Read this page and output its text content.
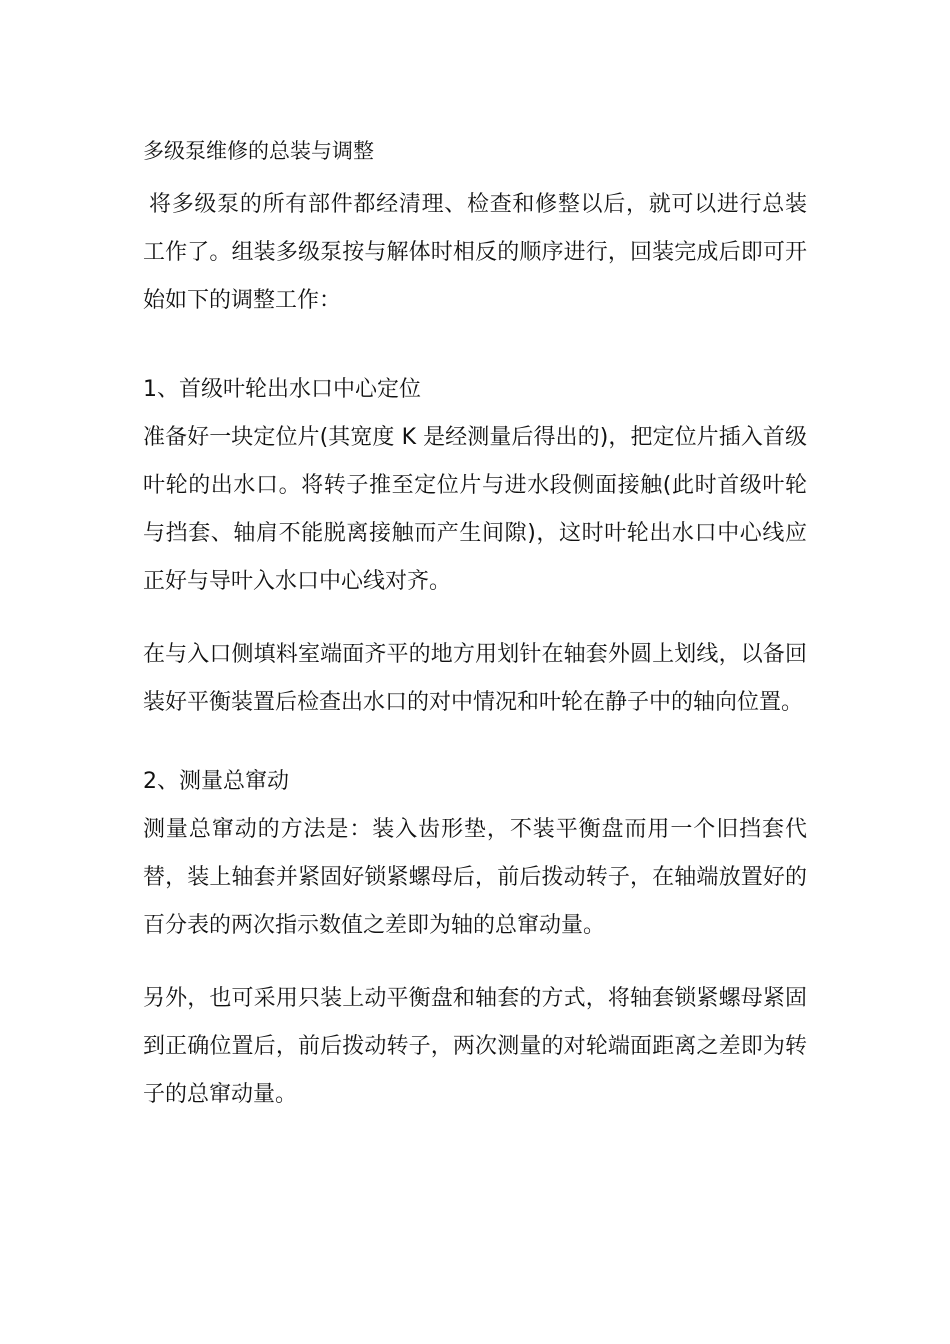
多级泵维修的总装与调整

将多级泵的所有部件都经清理、检查和修整以后，就可以进行总装工作了。组装多级泵按与解体时相反的顺序进行，回装完成后即可开始如下的调整工作：

1、首级叶轮出水口中心定位

准备好一块定位片(其宽度 K 是经测量后得出的)，把定位片插入首级叶轮的出水口。将转子推至定位片与进水段侧面接触(此时首级叶轮与挡套、轴肩不能脱离接触而产生间隙)，这时叶轮出水口中心线应正好与导叶入水口中心线对齐。

在与入口侧填料室端面齐平的地方用划针在轴套外圆上划线，以备回装好平衡装置后检查出水口的对中情况和叶轮在静子中的轴向位置。

2、测量总窜动

测量总窜动的方法是：装入齿形垫，不装平衡盘而用一个旧挡套代替，装上轴套并紧固好锁紧螺母后，前后拨动转子，在轴端放置好的百分表的两次指示数值之差即为轴的总窜动量。

另外，也可采用只装上动平衡盘和轴套的方式，将轴套锁紧螺母紧固到正确位置后，前后拨动转子，两次测量的对轮端面距离之差即为转子的总窜动量。
